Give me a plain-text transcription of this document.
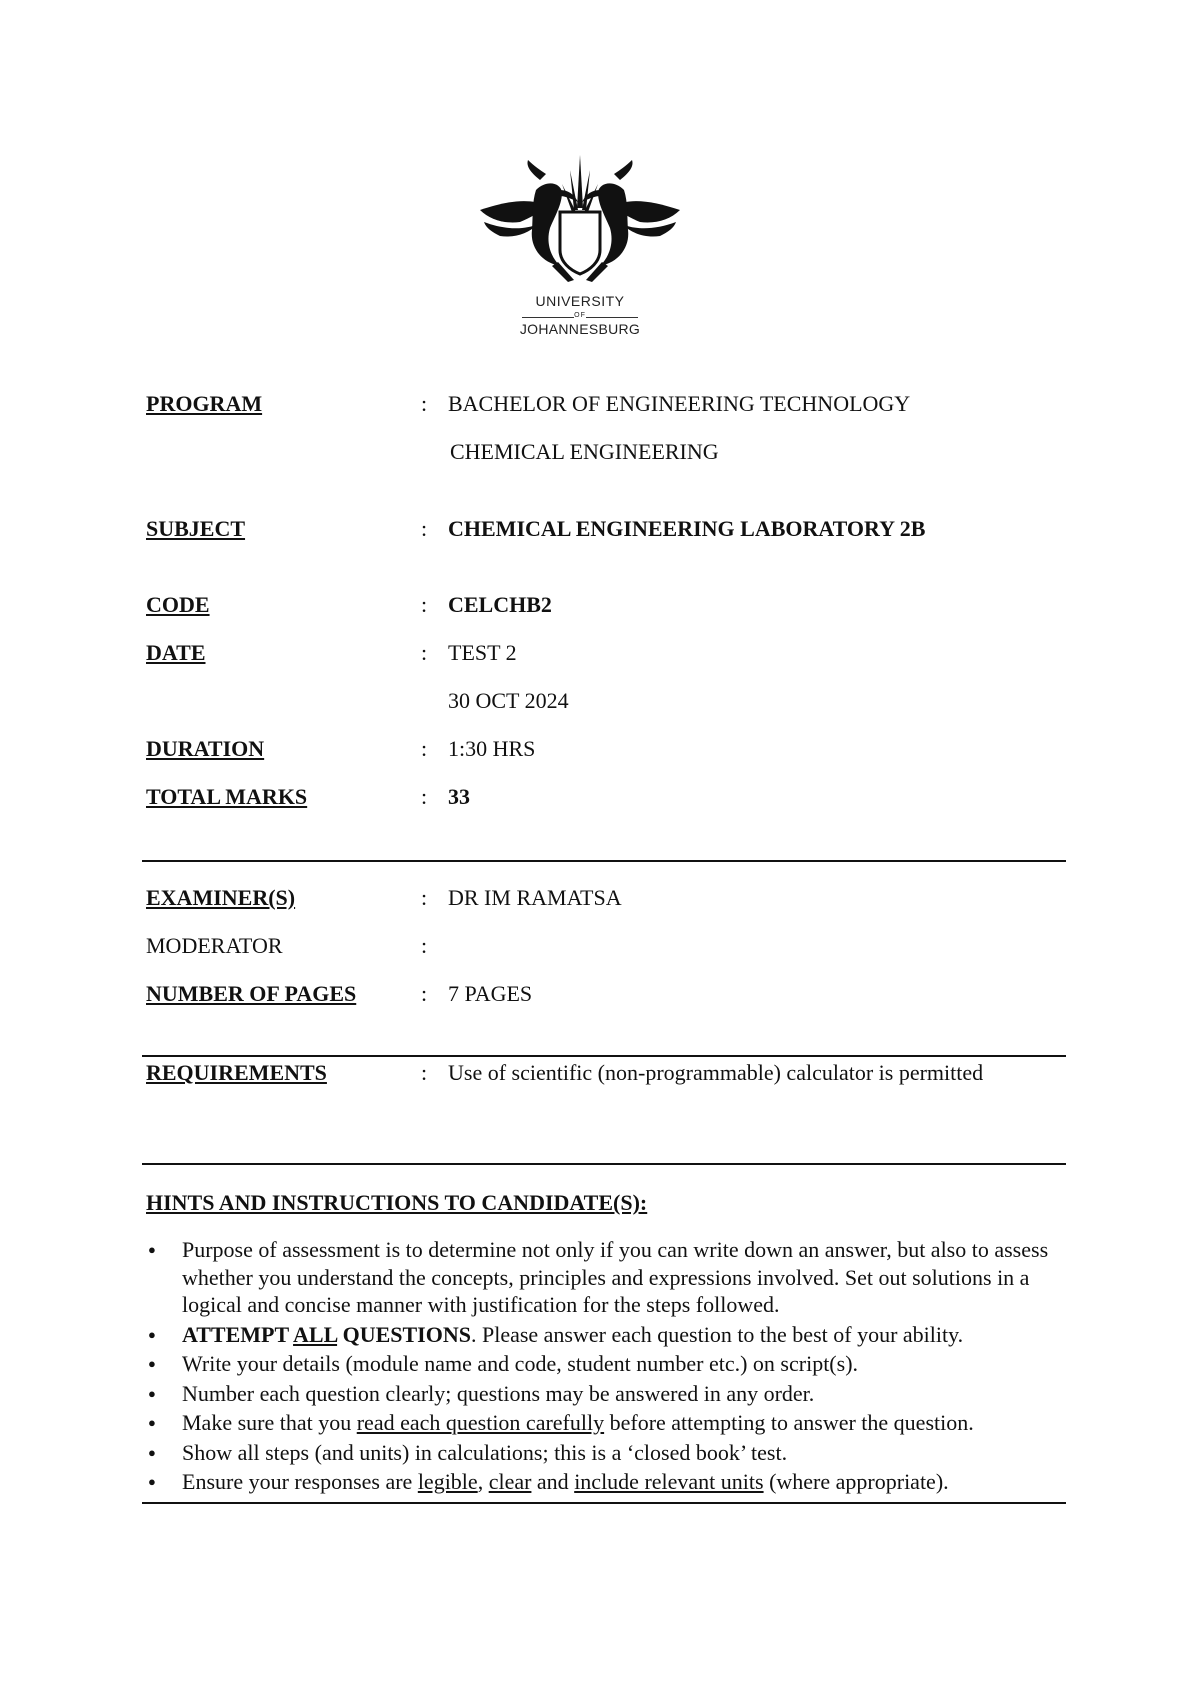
UNIVERSITY
OF
JOHANNESBURG
PROGRAM	: BACHELOR OF ENGINEERING TECHNOLOGY
CHEMICAL ENGINEERING
SUBJECT	: CHEMICAL ENGINEERING LABORATORY 2B
CODE	: CELCHB2
DATE	: TEST 2
30 OCT 2024
DURATION	: 1:30 HRS
TOTAL MARKS	: 33
EXAMINER(S)	: DR IM RAMATSA
MODERATOR	:
NUMBER OF PAGES	: 7 PAGES
REQUIREMENTS	: Use of scientific (non-programmable) calculator is permitted
HINTS AND INSTRUCTIONS TO CANDIDATE(S):
● Purpose of assessment is to determine not only if you can write down an answer, but also to assess whether you understand the concepts, principles and expressions involved. Set out solutions in a logical and concise manner with justification for the steps followed.
● ATTEMPT ALL QUESTIONS. Please answer each question to the best of your ability.
● Write your details (module name and code, student number etc.) on script(s).
● Number each question clearly; questions may be answered in any order.
● Make sure that you read each question carefully before attempting to answer the question.
● Show all steps (and units) in calculations; this is a ‘closed book’ test.
● Ensure your responses are legible, clear and include relevant units (where appropriate).
